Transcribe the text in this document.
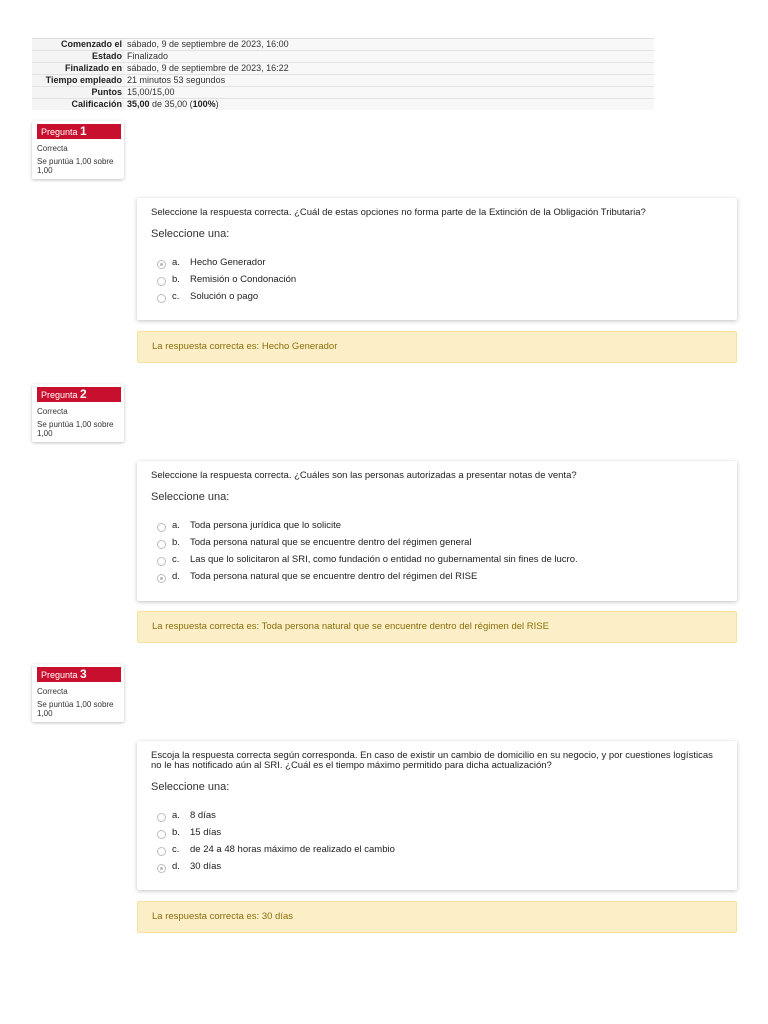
Comenzado el	sábado, 9 de septiembre de 2023, 16:00
Estado	Finalizado
Finalizado en	sábado, 9 de septiembre de 2023, 16:22
Tiempo empleado	21 minutos 53 segundos
Puntos	15,00/15,00
Calificación	35,00 de 35,00 (100%)
Pregunta 1
Correcta
Se puntúa 1,00 sobre 1,00
Seleccione la respuesta correcta. ¿Cuál de estas opciones no forma parte de la Extinción de la Obligación Tributaria?
Seleccione una:
a.	Hecho Generador
b.	Remisión o Condonación
c.	Solución o pago
La respuesta correcta es: Hecho Generador
Pregunta 2
Correcta
Se puntúa 1,00 sobre 1,00
Seleccione la respuesta correcta. ¿Cuáles son las personas autorizadas a presentar notas de venta?
Seleccione una:
a.	Toda persona jurídica que lo solicite
b.	Toda persona natural que se encuentre dentro del régimen general
c.	Las que lo solicitaron al SRI, como fundación o entidad no gubernamental sin fines de lucro.
d.	Toda persona natural que se encuentre dentro del régimen del RISE
La respuesta correcta es: Toda persona natural que se encuentre dentro del régimen del RISE
Pregunta 3
Correcta
Se puntúa 1,00 sobre 1,00
Escoja la respuesta correcta según corresponda. En caso de existir un cambio de domicilio en su negocio, y por cuestiones logísticas no le has notificado aún al SRI. ¿Cuál es el tiempo máximo permitido para dicha actualización?
Seleccione una:
a.	8 días
b.	15 días
c.	de 24 a 48 horas máximo de realizado el cambio
d.	30 días
La respuesta correcta es: 30 días
